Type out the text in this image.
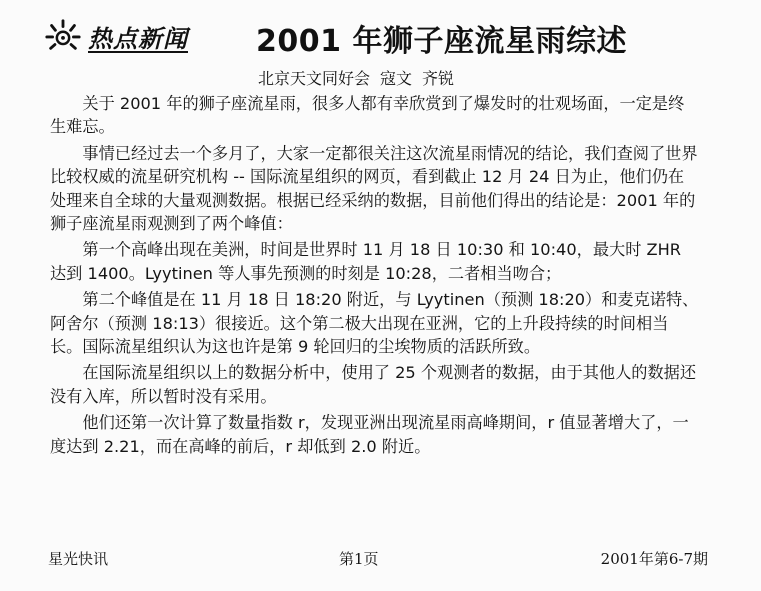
热点新闻 2001 年狮子座流星雨综述
北京天文同好会 寇文 齐锐

关于 2001 年的狮子座流星雨，很多人都有幸欣赏到了爆发时的壮观场面，一定是终生难忘。

事情已经过去一个多月了，大家一定都很关注这次流星雨情况的结论，我们查阅了世界比较权威的流星研究机构 -- 国际流星组织的网页，看到截止 12 月 24 日为止，他们仍在处理来自全球的大量观测数据。根据已经采纳的数据，目前他们得出的结论是：2001 年的狮子座流星雨观测到了两个峰值：

第一个高峰出现在美洲，时间是世界时 11 月 18 日 10:30 和 10:40，最大时 ZHR 达到 1400。Lyytinen 等人事先预测的时刻是 10:28，二者相当吻合；

第二个峰值是在 11 月 18 日 18:20 附近，与 Lyytinen（预测 18:20）和麦克诺特、阿舍尔（预测 18:13）很接近。这个第二极大出现在亚洲，它的上升段持续的时间相当长。国际流星组织认为这也许是第 9 轮回归的尘埃物质的活跃所致。

在国际流星组织以上的数据分析中，使用了 25 个观测者的数据，由于其他人的数据还没有入库，所以暂时没有采用。

他们还第一次计算了数量指数 r，发现亚洲出现流星雨高峰期间，r 值显著增大了，一度达到 2.21，而在高峰的前后，r 却低到 2.0 附近。

星光快讯	第1页	2001年第6-7期
